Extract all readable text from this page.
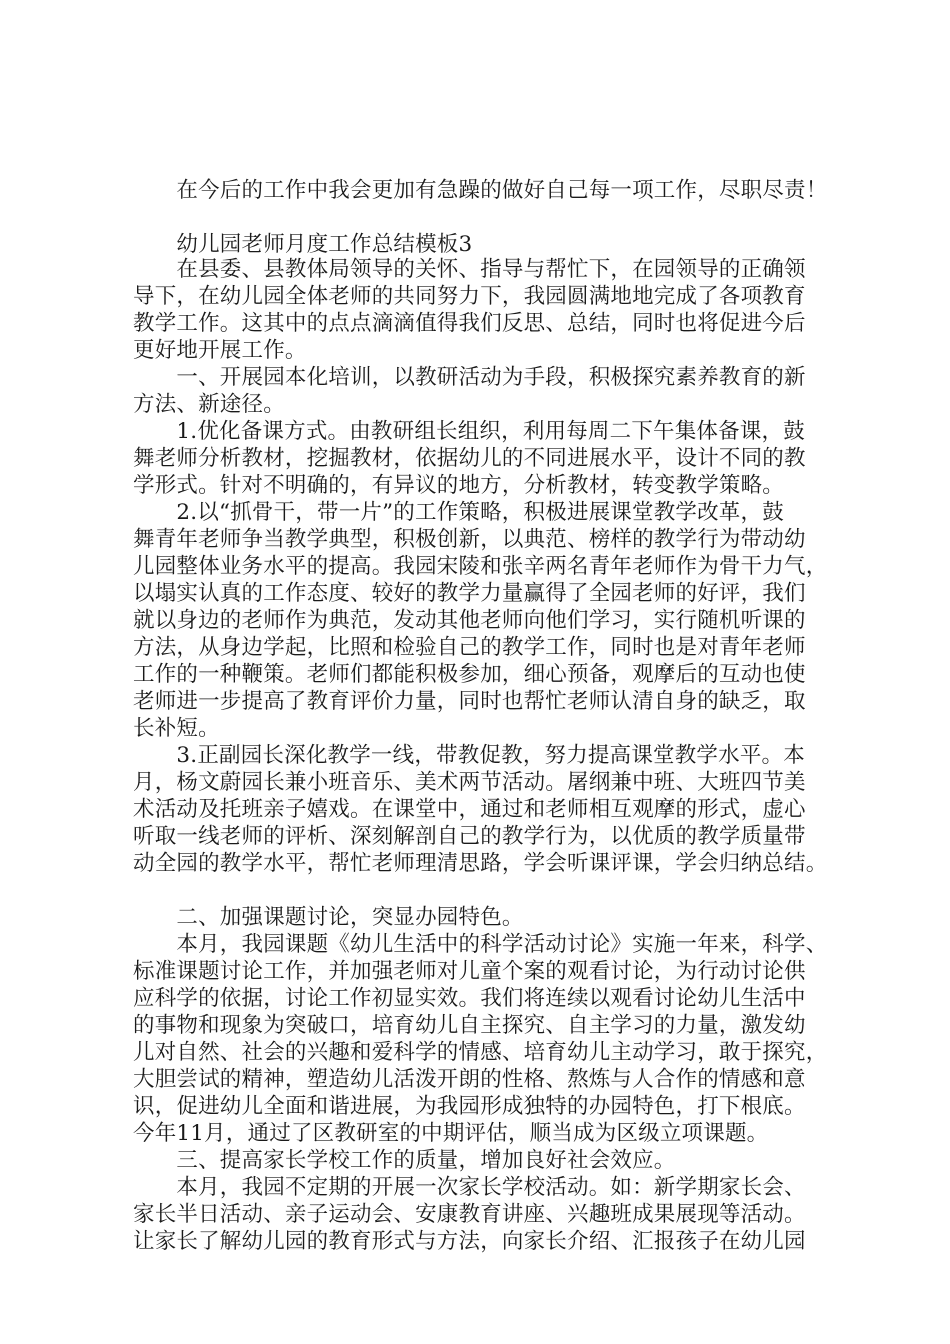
　　在今后的工作中我会更加有急躁的做好自己每一项工作，尽职尽责！
　　幼儿园老师月度工作总结模板3
　　在县委、县教体局领导的关怀、指导与帮忙下，在园领导的正确领
导下，在幼儿园全体老师的共同努力下，我园圆满地地完成了各项教育
教学工作。这其中的点点滴滴值得我们反思、总结，同时也将促进今后
更好地开展工作。
　　一、开展园本化培训，以教研活动为手段，积极探究素养教育的新
方法、新途径。
　　1.优化备课方式。由教研组长组织，利用每周二下午集体备课，鼓
舞老师分析教材，挖掘教材，依据幼儿的不同进展水平，设计不同的教
学形式。针对不明确的，有异议的地方，分析教材，转变教学策略。
　　2.以“抓骨干，带一片”的工作策略，积极进展课堂教学改革，鼓
舞青年老师争当教学典型，积极创新，以典范、榜样的教学行为带动幼
儿园整体业务水平的提高。我园宋陵和张辛两名青年老师作为骨干力气，
以塌实认真的工作态度、较好的教学力量赢得了全园老师的好评，我们
就以身边的老师作为典范，发动其他老师向他们学习，实行随机听课的
方法，从身边学起，比照和检验自己的教学工作，同时也是对青年老师
工作的一种鞭策。老师们都能积极参加，细心预备，观摩后的互动也使
老师进一步提高了教育评价力量，同时也帮忙老师认清自身的缺乏，取
长补短。
　　3.正副园长深化教学一线，带教促教，努力提高课堂教学水平。本
月，杨文蔚园长兼小班音乐、美术两节活动。屠纲兼中班、大班四节美
术活动及托班亲子嬉戏。在课堂中，通过和老师相互观摩的形式，虚心
听取一线老师的评析、深刻解剖自己的教学行为，以优质的教学质量带
动全园的教学水平，帮忙老师理清思路，学会听课评课，学会归纳总结。
　　二、加强课题讨论，突显办园特色。
　　本月，我园课题《幼儿生活中的科学活动讨论》实施一年来，科学、
标准课题讨论工作，并加强老师对儿童个案的观看讨论，为行动讨论供
应科学的依据，讨论工作初显实效。我们将连续以观看讨论幼儿生活中
的事物和现象为突破口，培育幼儿自主探究、自主学习的力量，激发幼
儿对自然、社会的兴趣和爱科学的情感、培育幼儿主动学习，敢于探究，
大胆尝试的精神，塑造幼儿活泼开朗的性格、熬炼与人合作的情感和意
识，促进幼儿全面和谐进展，为我园形成独特的办园特色，打下根底。
今年11月，通过了区教研室的中期评估，顺当成为区级立项课题。
　　三、提高家长学校工作的质量，增加良好社会效应。
　　本月，我园不定期的开展一次家长学校活动。如：新学期家长会、
家长半日活动、亲子运动会、安康教育讲座、兴趣班成果展现等活动。
让家长了解幼儿园的教育形式与方法，向家长介绍、汇报孩子在幼儿园
